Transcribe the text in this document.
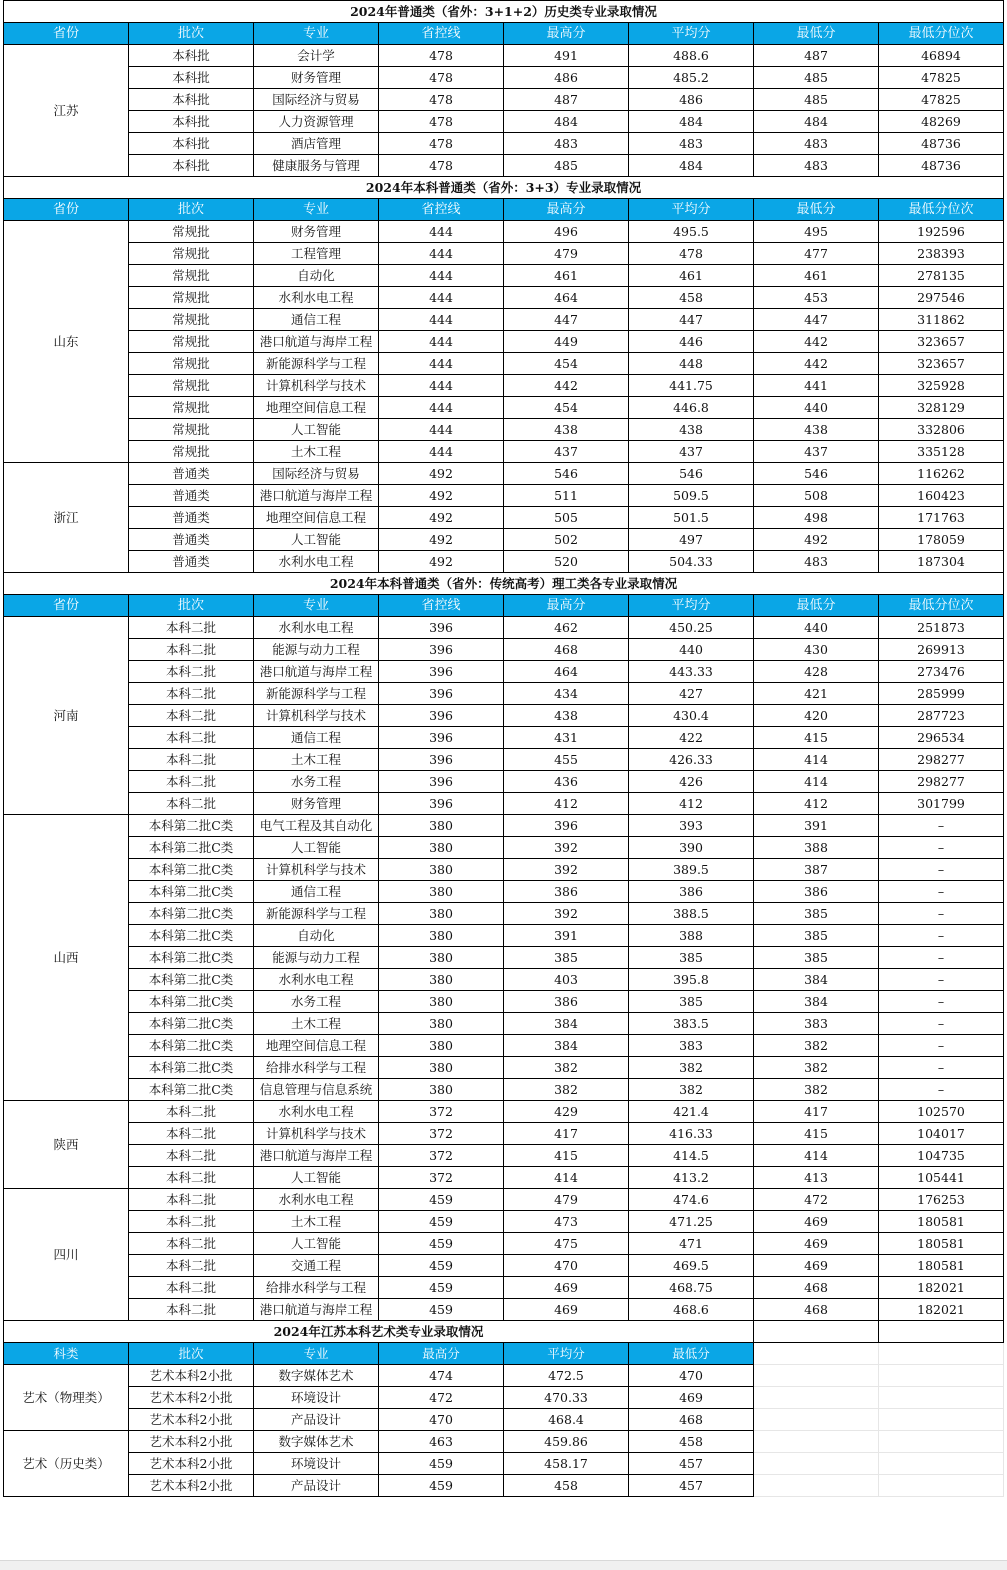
2024年普通类（省外：3+1+2）历史类专业录取情况							
省份	批次	专业	省控线	最高分	平均分	最低分	最低分位次
江苏	本科批	会计学	478	491	488.6	487	46894
	本科批	财务管理	478	486	485.2	485	47825
	本科批	国际经济与贸易	478	487	486	485	47825
	本科批	人力资源管理	478	484	484	484	48269
	本科批	酒店管理	478	483	483	483	48736
	本科批	健康服务与管理	478	485	484	483	48736
2024年本科普通类（省外：3+3）专业录取情况							
省份	批次	专业	省控线	最高分	平均分	最低分	最低分位次
山东	常规批	财务管理	444	496	495.5	495	192596
	常规批	工程管理	444	479	478	477	238393
	常规批	自动化	444	461	461	461	278135
	常规批	水利水电工程	444	464	458	453	297546
	常规批	通信工程	444	447	447	447	311862
	常规批	港口航道与海岸工程	444	449	446	442	323657
	常规批	新能源科学与工程	444	454	448	442	323657
	常规批	计算机科学与技术	444	442	441.75	441	325928
	常规批	地理空间信息工程	444	454	446.8	440	328129
	常规批	人工智能	444	438	438	438	332806
	常规批	土木工程	444	437	437	437	335128
浙江	普通类	国际经济与贸易	492	546	546	546	116262
	普通类	港口航道与海岸工程	492	511	509.5	508	160423
	普通类	地理空间信息工程	492	505	501.5	498	171763
	普通类	人工智能	492	502	497	492	178059
	普通类	水利水电工程	492	520	504.33	483	187304
2024年本科普通类（省外：传统高考）理工类各专业录取情况							
省份	批次	专业	省控线	最高分	平均分	最低分	最低分位次
河南	本科二批	水利水电工程	396	462	450.25	440	251873
	本科二批	能源与动力工程	396	468	440	430	269913
	本科二批	港口航道与海岸工程	396	464	443.33	428	273476
	本科二批	新能源科学与工程	396	434	427	421	285999
	本科二批	计算机科学与技术	396	438	430.4	420	287723
	本科二批	通信工程	396	431	422	415	296534
	本科二批	土木工程	396	455	426.33	414	298277
	本科二批	水务工程	396	436	426	414	298277
	本科二批	财务管理	396	412	412	412	301799
山西	本科第二批C类	电气工程及其自动化	380	396	393	391	–
	本科第二批C类	人工智能	380	392	390	388	–
	本科第二批C类	计算机科学与技术	380	392	389.5	387	–
	本科第二批C类	通信工程	380	386	386	386	–
	本科第二批C类	新能源科学与工程	380	392	388.5	385	–
	本科第二批C类	自动化	380	391	388	385	–
	本科第二批C类	能源与动力工程	380	385	385	385	–
	本科第二批C类	水利水电工程	380	403	395.8	384	–
	本科第二批C类	水务工程	380	386	385	384	–
	本科第二批C类	土木工程	380	384	383.5	383	–
	本科第二批C类	地理空间信息工程	380	384	383	382	–
	本科第二批C类	给排水科学与工程	380	382	382	382	–
	本科第二批C类	信息管理与信息系统	380	382	382	382	–
陕西	本科二批	水利水电工程	372	429	421.4	417	102570
	本科二批	计算机科学与技术	372	417	416.33	415	104017
	本科二批	港口航道与海岸工程	372	415	414.5	414	104735
	本科二批	人工智能	372	414	413.2	413	105441
四川	本科二批	水利水电工程	459	479	474.6	472	176253
	本科二批	土木工程	459	473	471.25	469	180581
	本科二批	人工智能	459	475	471	469	180581
	本科二批	交通工程	459	470	469.5	469	180581
	本科二批	给排水科学与工程	459	469	468.75	468	182021
	本科二批	港口航道与海岸工程	459	469	468.6	468	182021
2024年江苏本科艺术类专业录取情况							
科类	批次	专业	最高分	平均分	最低分		
艺术（物理类）	艺术本科2小批	数字媒体艺术	474	472.5	470		
	艺术本科2小批	环境设计	472	470.33	469		
	艺术本科2小批	产品设计	470	468.4	468		
艺术（历史类）	艺术本科2小批	数字媒体艺术	463	459.86	458		
	艺术本科2小批	环境设计	459	458.17	457		
	艺术本科2小批	产品设计	459	458	457		
